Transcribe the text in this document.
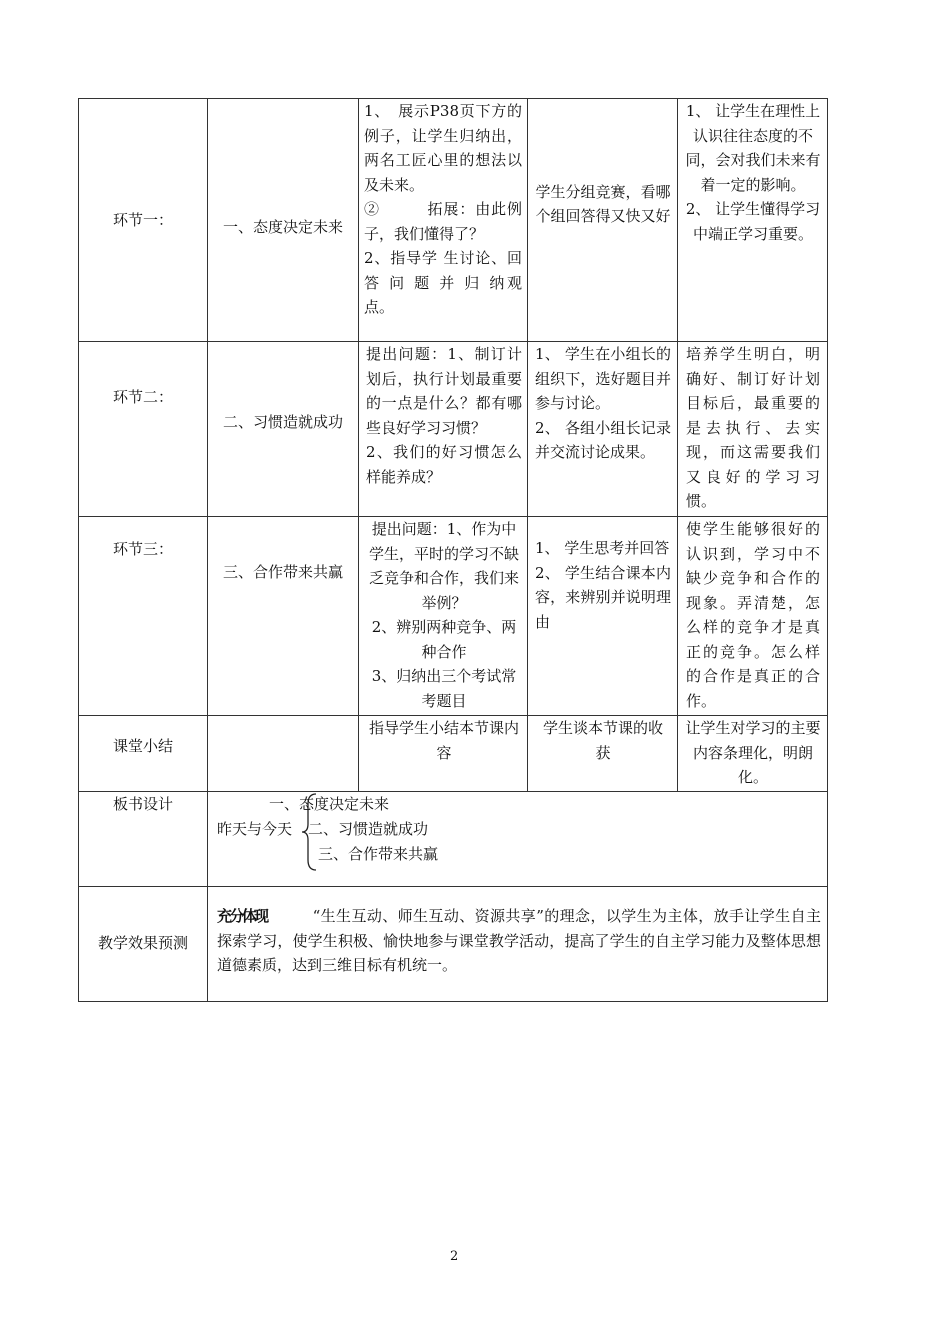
环节一：	一、态度决定未来

1、　展示P38页下方的例子，让学生归纳出，两名工匠心里的想法以及未来。

②　　　拓展：由此例子，我们懂得了？

2、指导学 生讨论、回 答 问 题 并 归 纳观点。

学生分组竞赛，看哪个组回答得又快又好

1、 让学生在理性上认识往往态度的不同，会对我们未来有着一定的影响。

2、 让学生懂得学习中端正学习重要。

环节二：
二、习惯造就成功

提出问题：1、制订计划后，执行计划最重要的一点是什么？都有哪些良好学习习惯？

2、我们的好习惯怎么样能养成？

1、 学生在小组长的组织下，选好题目并参与讨论。

2、 各组小组长记录并交流讨论成果。

培养学生明白，明确好、制订好计划目标后，最重要的是去执行、去实现，而这需要我们又良好的学习习惯。

环节三：
三、合作带来共赢

提出问题：1、作为中学生，平时的学习不缺乏竞争和合作，我们来举例？

2、辨别两种竞争、两种合作

3、归纳出三个考试常考题目

1、 学生思考并回答

2、 学生结合课本内容，来辨别并说明理由

使学生能够很好的认识到，学习中不缺少竞争和合作的现象。弄清楚，怎么样的竞争才是真正的竞争。怎么样的合作是真正的合作。

课堂小结

指导学生小结本节课内容

学生谈本节课的收获

让学生对学习的主要内容条理化，明朗化。

板书设计
昨天与今天
一、态度决定未来
二、习惯造就成功
三、合作带来共赢
教学效果预测
充分体现	“生生互动、师生互动、资源共享”的理念，以学生为主体，放手让学生自主探索学习，使学生积极、愉快地参与课堂教学活动，提高了学生的自主学习能力及整体思想道德素质，达到三维目标有机统一。
2
